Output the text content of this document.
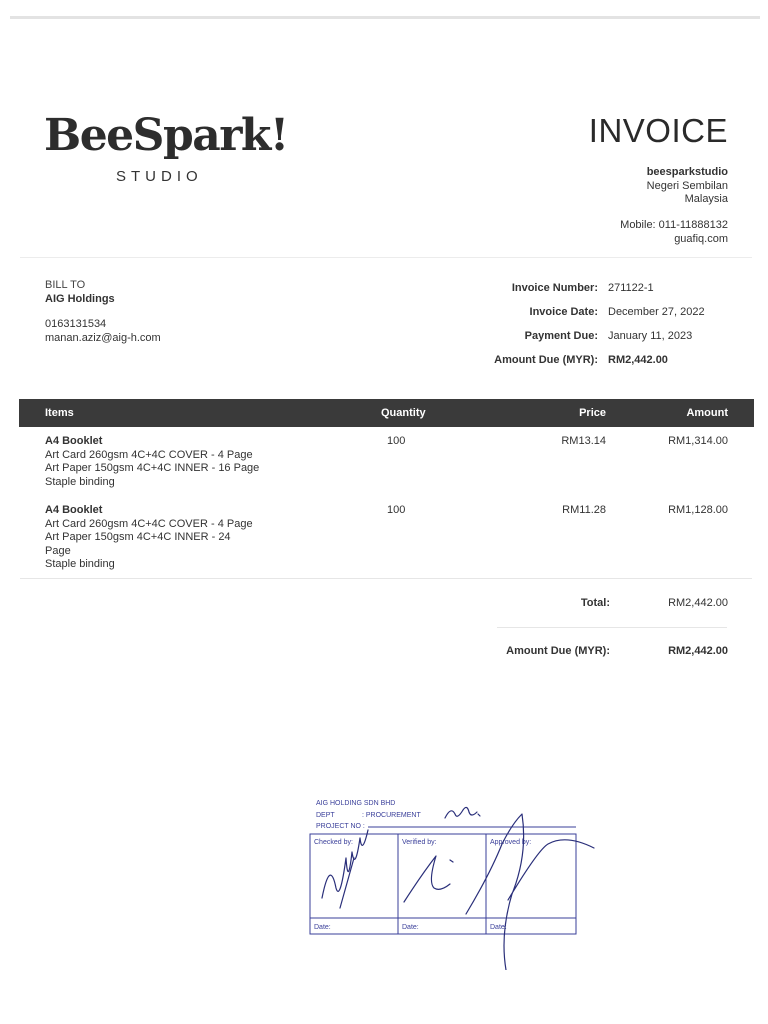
BeeSpark!
STUDIO
INVOICE
beesparkstudio
Negeri Sembilan
Malaysia
Mobile: 011-11888132
guafiq.com
BILL TO
AIG Holdings
0163131534
manan.aziz@aig-h.com
Invoice Number: 271122-1
Invoice Date: December 27, 2022
Payment Due: January 11, 2023
Amount Due (MYR): RM2,442.00
Items	Quantity	Price	Amount
A4 Booklet
Art Card 260gsm 4C+4C COVER - 4 Page
Art Paper 150gsm 4C+4C INNER - 16 Page
Staple binding
100	RM13.14	RM1,314.00
A4 Booklet
Art Card 260gsm 4C+4C COVER - 4 Page
Art Paper 150gsm 4C+4C INNER - 24
Page
Staple binding
100	RM11.28	RM1,128.00
Total:	RM2,442.00
Amount Due (MYR):	RM2,442.00
AIG HOLDING SDN BHD
DEPT	: PROCUREMENT
PROJECT NO :
Checked by:	Verified by:	Approved by:
Date:	Date:	Date:
